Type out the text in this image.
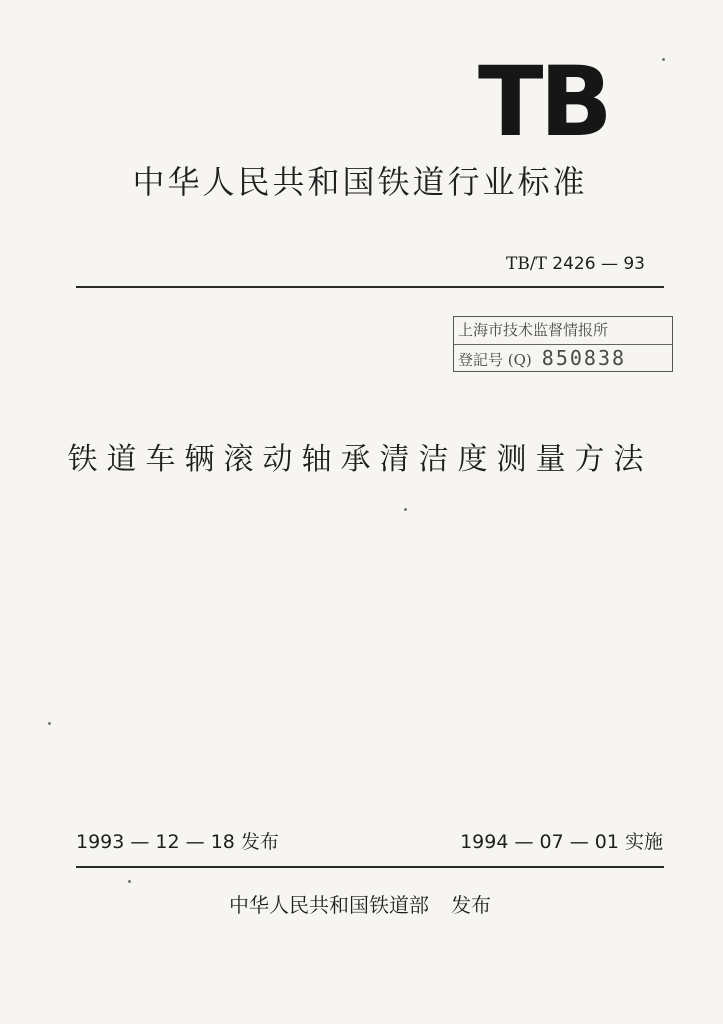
TB
中华人民共和国铁道行业标准
TB/T 2426 — 93
上海市技术监督情报所
登記号 (Q) 850838
铁道车辆滚动轴承清洁度测量方法
1993 — 12 — 18 发布	1994 — 07 — 01 实施
中华人民共和国铁道部 发布
